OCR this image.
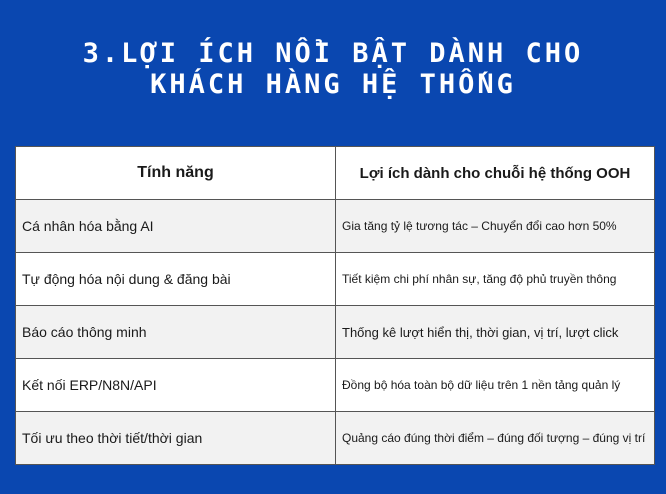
3.LỢI ÍCH NỔI BẬT DÀNH CHO
KHÁCH HÀNG HỆ THỐNG
Tính năng	Lợi ích dành cho chuỗi hệ thống OOH
Cá nhân hóa bằng AI	Gia tăng tỷ lệ tương tác – Chuyển đổi cao hơn 50%
Tự động hóa nội dung & đăng bài	Tiết kiệm chi phí nhân sự, tăng độ phủ truyền thông
Báo cáo thông minh	Thống kê lượt hiển thị, thời gian, vị trí, lượt click
Kết nối ERP/N8N/API	Đồng bộ hóa toàn bộ dữ liệu trên 1 nền tảng quản lý
Tối ưu theo thời tiết/thời gian	Quảng cáo đúng thời điểm – đúng đối tượng – đúng vị trí
